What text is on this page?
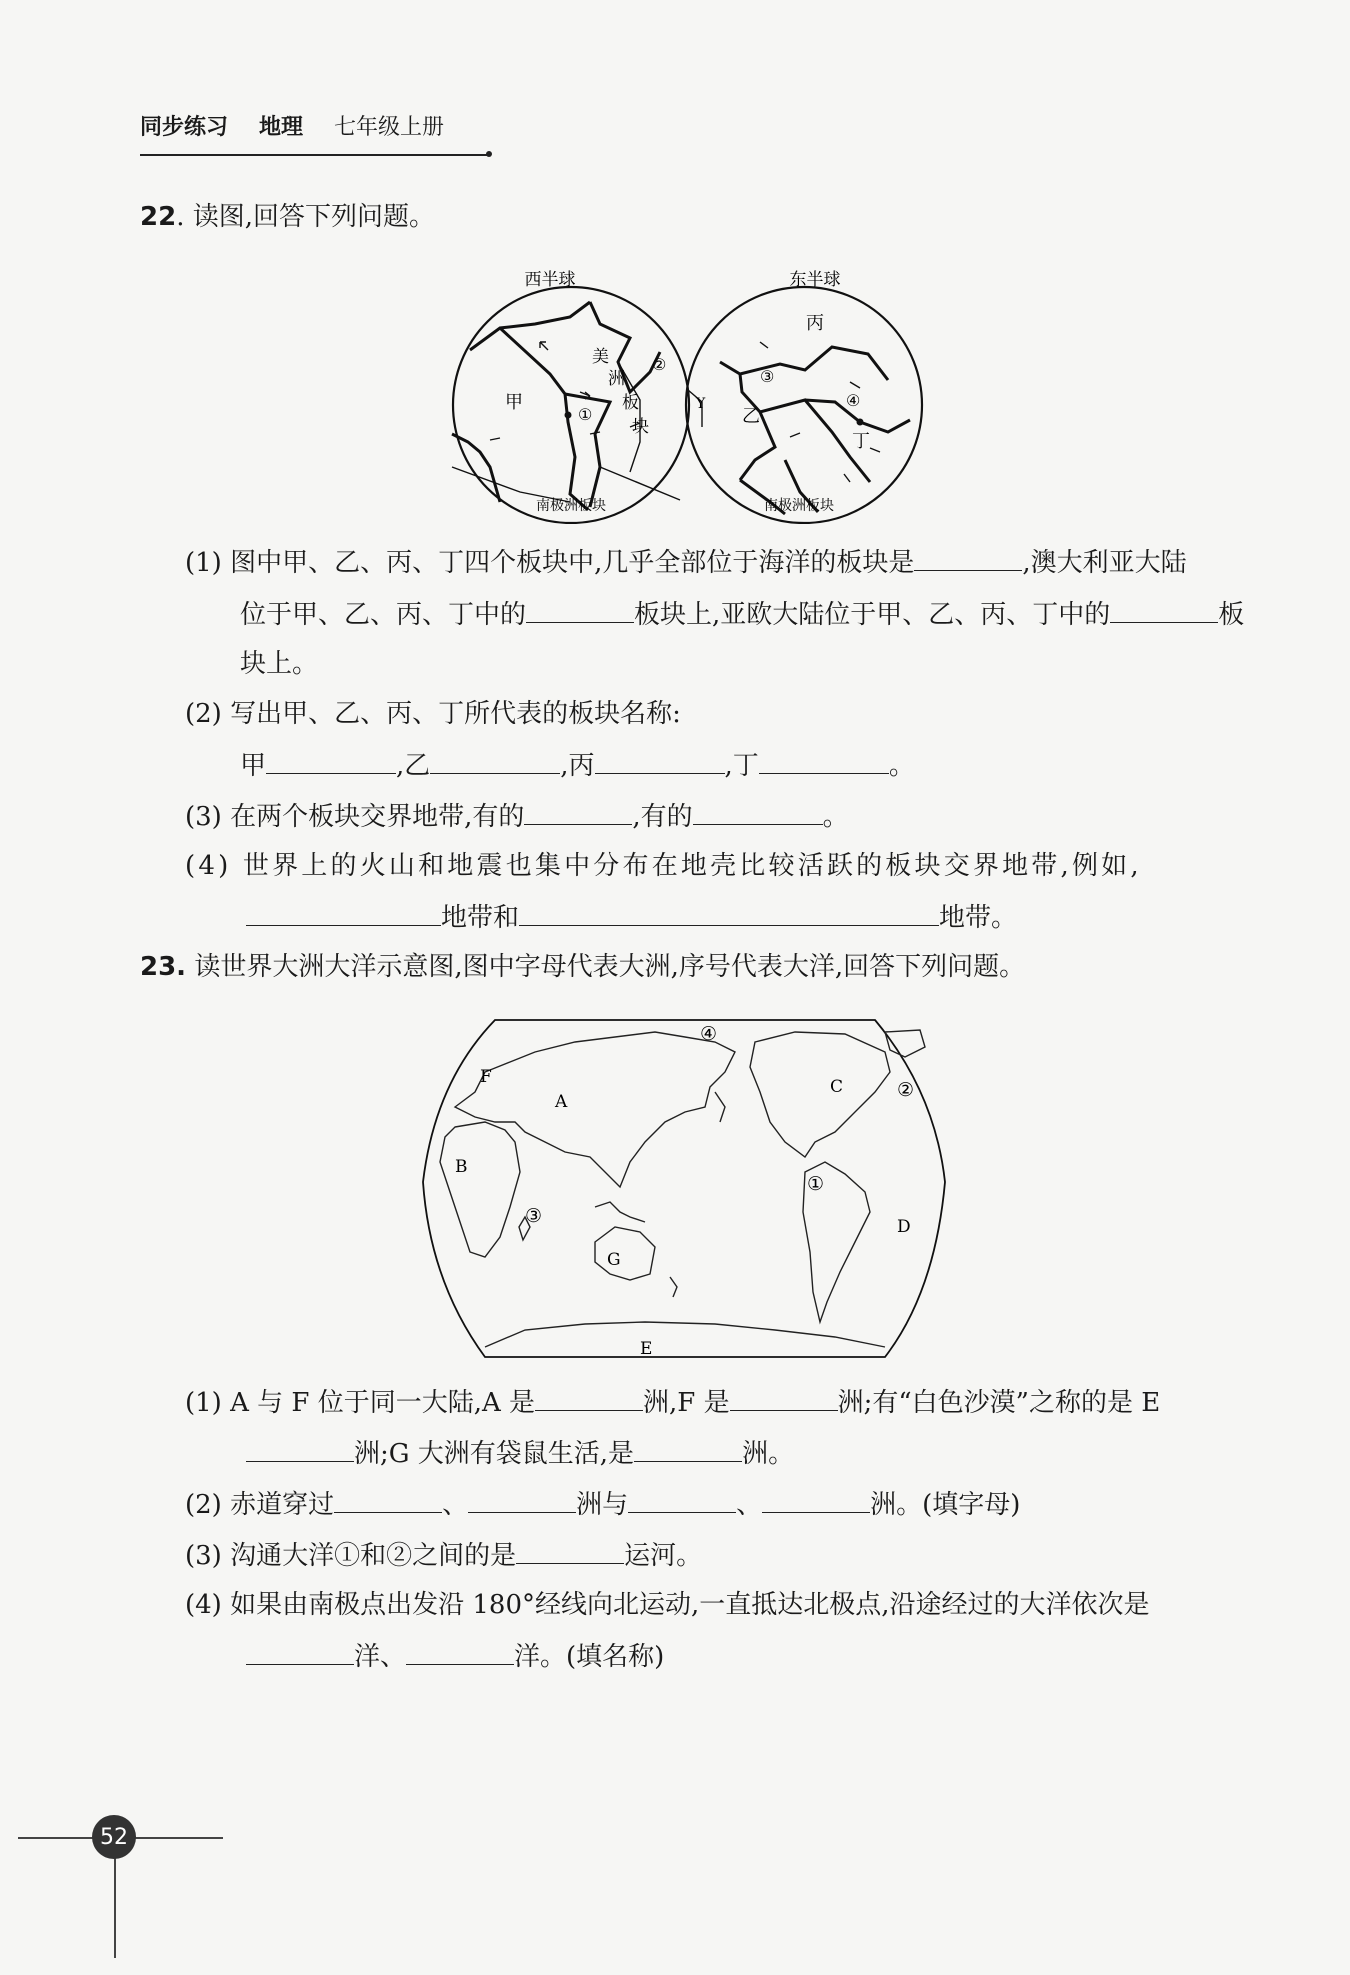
同步练习 地理 七年级上册
22. 读图,回答下列问题。
西半球	东半球
甲
乙
丙
丁
美
洲
板
块
南极洲板块	南极洲板块
Y
①
②
③
④
(1) 图中甲、乙、丙、丁四个板块中,几乎全部位于海洋的板块是	,澳大利亚大陆
位于甲、乙、丙、丁中的	板块上,亚欧大陆位于甲、乙、丙、丁中的	板
块上。
(2) 写出甲、乙、丙、丁所代表的板块名称:
甲	,乙	,丙	,丁	。
(3) 在两个板块交界地带,有的	,有的	。
(4) 世界上的火山和地震也集中分布在地壳比较活跃的板块交界地带,例如,
地带和	地带。
23. 读世界大洲大洋示意图,图中字母代表大洲,序号代表大洋,回答下列问题。
F
A
B
C
D
E
G
①
②
③
④
(1) A 与 F 位于同一大陆,A 是	洲,F 是	洲;有“白色沙漠”之称的是 E
洲;G 大洲有袋鼠生活,是	洲。
(2) 赤道穿过	、	洲与	、	洲。(填字母)
(3) 沟通大洋①和②之间的是	运河。
(4) 如果由南极点出发沿 180°经线向北运动,一直抵达北极点,沿途经过的大洋依次是
洋、	洋。(填名称)
52
